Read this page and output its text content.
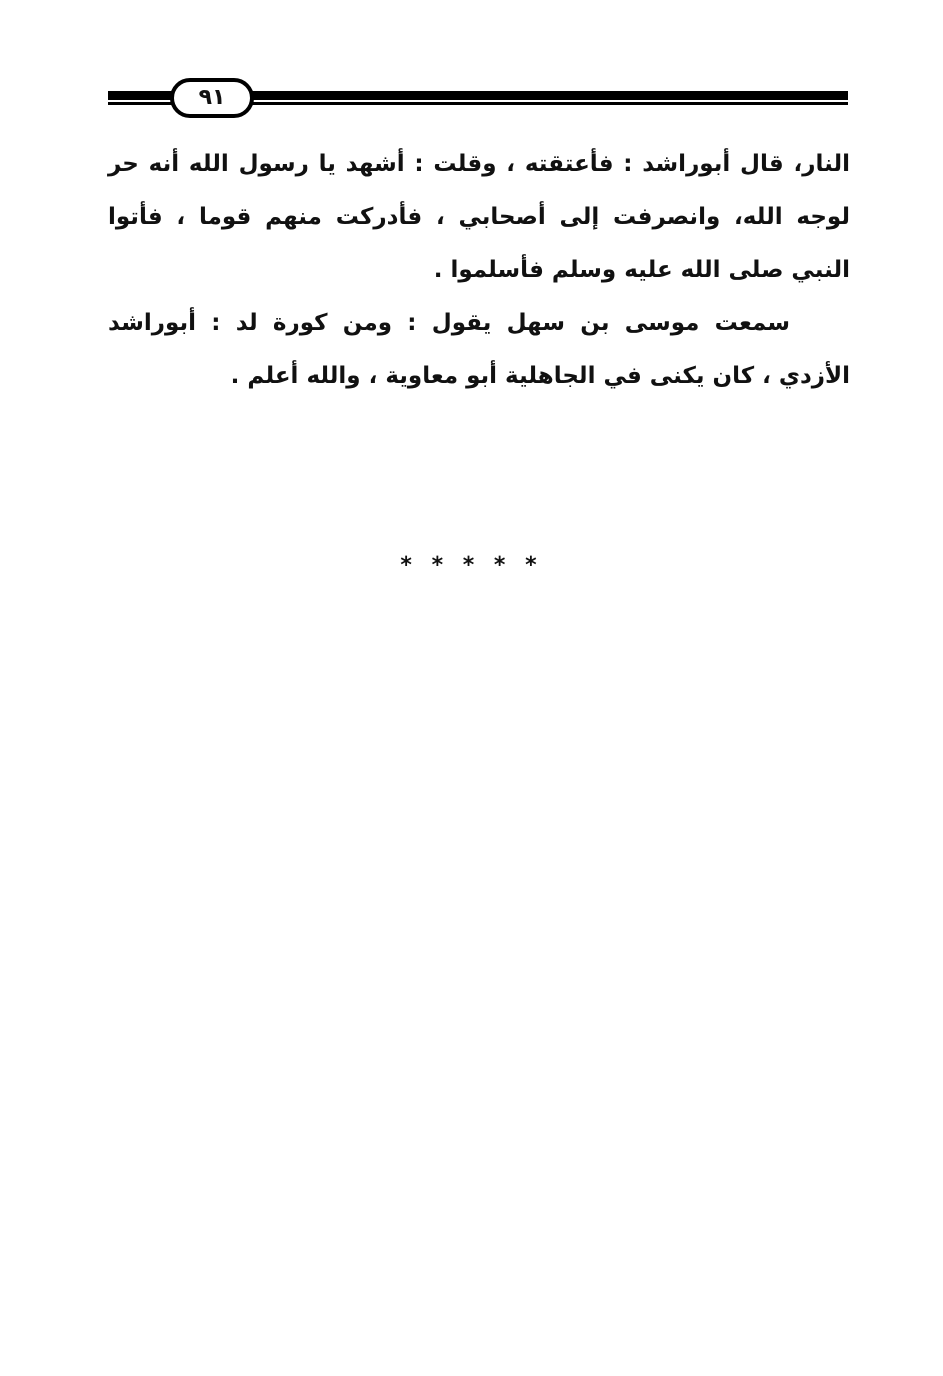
٩١

النار، قال أبوراشد : فأعتقته ، وقلت : أشهد يا رسول الله أنه حر لوجه الله، وانصرفت إلى أصحابي ، فأدركت منهم قوما ، فأتوا النبي صلى الله عليه وسلم فأسلموا .

سمعت موسى بن سهل يقول : ومن كورة لد : أبوراشد الأزدي ، كان يكنى في الجاهلية أبو معاوية ، والله أعلم .

* * * * *
